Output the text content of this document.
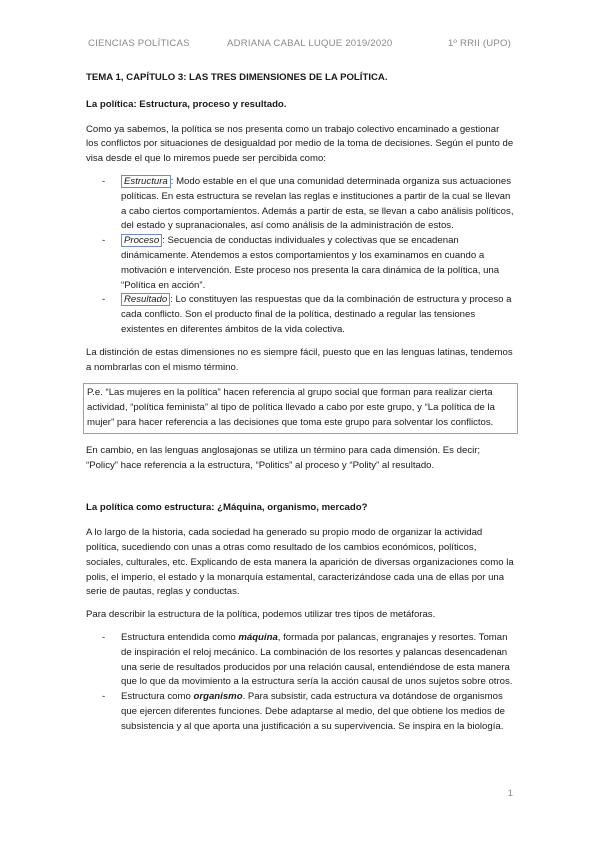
CIENCIAS POLÍTICAS	ADRIANA CABAL LUQUE 2019/2020	1º RRII (UPO)
TEMA 1, CAPÍTULO 3: LAS TRES DIMENSIONES DE LA POLÍTICA.
La política: Estructura, proceso y resultado.

Como ya sabemos, la política se nos presenta como un trabajo colectivo encaminado a gestionar los conflictos por situaciones de desigualdad por medio de la toma de decisiones. Según el punto de visa desde el que lo miremos puede ser percibida como:

- Estructura : Modo estable en el que una comunidad determinada organiza sus actuaciones políticas. En esta estructura se revelan las reglas e instituciones a partir de la cual se llevan a cabo ciertos comportamientos. Además a partir de esta, se llevan a cabo análisis políticos, del estado y supranacionales, así como análisis de la administración de estos.
- Proceso : Secuencia de conductas individuales y colectivas que se encadenan dinámicamente. Atendemos a estos comportamientos y los examinamos en cuando a motivación e intervención. Este proceso nos presenta la cara dinámica de la política, una “Política en acción”.
- Resultado : Lo constituyen las respuestas que da la combinación de estructura y proceso a cada conflicto. Son el producto final de la política, destinado a regular las tensiones existentes en diferentes ámbitos de la vida colectiva.

La distinción de estas dimensiones no es siempre fácil, puesto que en las lenguas latinas, tendemos a nombrarlas con el mismo término.

P.e. “Las mujeres en la política” hacen referencia al grupo social que forman para realizar cierta actividad, “política feminista” al tipo de política llevado a cabo por este grupo, y “La política de la mujer” para hacer referencia a las decisiones que toma este grupo para solventar los conflictos.

En cambio, en las lenguas anglosajonas se utiliza un término para cada dimensión. Es decir; “Policy” hace referencia a la estructura, “Politics” al proceso y “Polity” al resultado.

La política como estructura: ¿Máquina, organismo, mercado?

A lo largo de la historia, cada sociedad ha generado su propio modo de organizar la actividad política, sucediendo con unas a otras como resultado de los cambios económicos, políticos, sociales, culturales, etc. Explicando de esta manera la aparición de diversas organizaciones como la polis, el imperio, el estado y la monarquía estamental, caracterizándose cada una de ellas por una serie de pautas, reglas y conductas.

Para describir la estructura de la política, podemos utilizar tres tipos de metáforas.

- Estructura entendida como máquina, formada por palancas, engranajes y resortes. Toman de inspiración el reloj mecánico. La combinación de los resortes y palancas desencadenan una serie de resultados producidos por una relación causal, entendiéndose de esta manera que lo que da movimiento a la estructura sería la acción causal de unos sujetos sobre otros.
- Estructura como organismo. Para subsistir, cada estructura va dotándose de organismos que ejercen diferentes funciones. Debe adaptarse al medio, del que obtiene los medios de subsistencia y al que aporta una justificación a su supervivencia. Se inspira en la biología.
1
